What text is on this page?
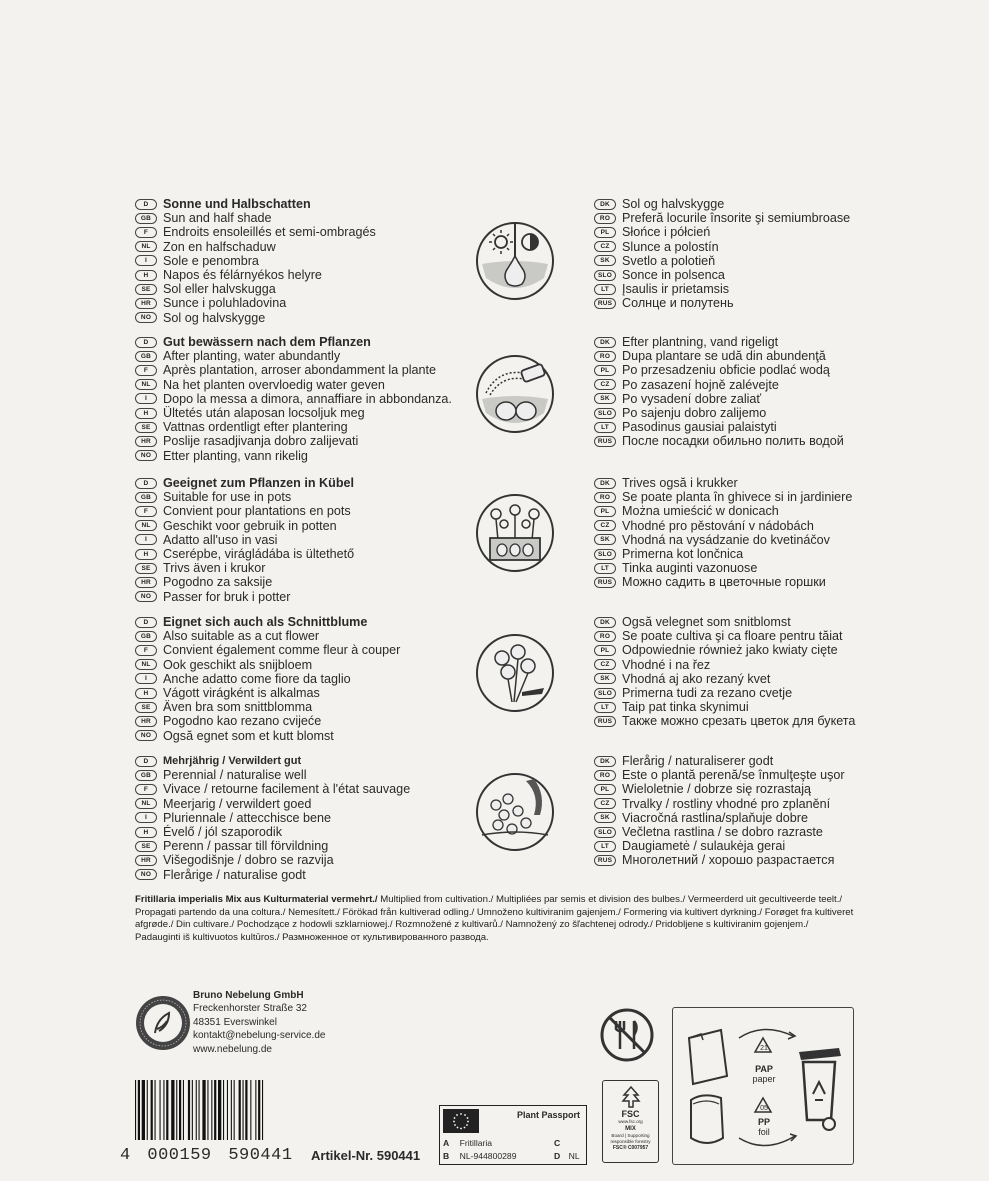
D	Sonne und Halbschatten
GB Sun and half shade
F	Endroits ensoleillés et semi-ombragés
NL Zon en halfschaduw
I	Sole e penombra
H	Napos és félárnyékos helyre
SE Sol eller halvskugga
HR Sunce i poluhladovina
NO Sol og halvskygge
DK Sol og halvskygge
RO Preferă locurile însorite şi semiumbroase
PL	Słońce i półcień
CZ Slunce a polostín
SK Svetlo a polotieň
SLO Sonce in polsenca
LT	Įsaulis ir prietamsis
RUS Солнце и полутень
D	Gut bewässern nach dem Pflanzen
GB After planting, water abundantly
F	Après plantation, arroser abondamment la plante
NL Na het planten overvloedig water geven
I	Dopo la messa a dimora, annaffiare in abbondanza.
H	Ültetés után alaposan locsoljuk meg
SE Vattnas ordentligt efter plantering
HR Poslije rasadjivanja dobro zalijevati
NO Etter planting, vann rikelig
DK Efter plantning, vand rigeligt
RO Dupa plantare se udă din abundenţă
PL	Po przesadzeniu obficie podlać wodą
CZ Po zasazení hojně zalévejte
SK Po vysadení dobre zaliať
SLO Po sajenju dobro zalijemo
LT	Pasodinus gausiai palaistyti
RUS После посадки обильно полить водой
D	Geeignet zum Pflanzen in Kübel
GB Suitable for use in pots
F	Convient pour plantations en pots
NL Geschikt voor gebruik in potten
I	Adatto all'uso in vasi
H	Cserépbe, virágládába is ültethető
SE Trivs även i krukor
HR Pogodno za saksije
NO Passer for bruk i potter
DK Trives ogsă i krukker
RO Se poate planta în ghivece si in jardiniere
PL	Można umieścić w donicach
CZ Vhodné pro pěstování v nádobách
SK Vhodná na vysádzanie do kvetináčov
SLO Primerna kot lončnica
LT	Tinka auginti vazonuose
RUS Можно садить в цветочные горшки
D	Eignet sich auch als Schnittblume
GB Also suitable as a cut flower
F	Convient également comme fleur à couper
NL Ook geschikt als snijbloem
I	Anche adatto come fiore da taglio
H	Vágott virágként is alkalmas
SE Även bra som snittblomma
HR Pogodno kao rezano cvijeće
NO Ogsă egnet som et kutt blomst
DK Ogsă velegnet som snitblomst
RO Se poate cultiva şi ca floare pentru tăiat
PL	Odpowiednie również jako kwiaty cięte
CZ Vhodné i na řez
SK Vhodná aj ako rezaný kvet
SLO Primerna tudi za rezano cvetje
LT	Taip pat tinka skynimui
RUS Также можно срезать цветок для букета
D	Mehrjährig / Verwildert gut
GB Perennial / naturalise well
F	Vivace / retourne facilement à l'état sauvage
NL Meerjarig / verwildert goed
I	Pluriennale / attecchisce bene
H	Évelő / jól szaporodik
SE Perenn / passar till förvildning
HR Višegodišnje / dobro se razvija
NO Flerårige / naturalise godt
DK Flerårig / naturaliserer godt
RO Este o plantă perenă/se înmulţeşte uşor
PL	Wieloletnie / dobrze się rozrastają
CZ Trvalky / rostliny vhodné pro zplanění
SK Viacročná rastlina/splaňuje dobre
SLO Večletna rastlina / se dobro razraste
LT	Daugiametė / sulaukėja gerai
RUS Многолетний / хорошо разрастается
Fritillaria imperialis Mix aus Kulturmaterial vermehrt./ Multiplied from cultivation./ Multipliées par semis et division des bulbes./ Vermeerderd uit gecultiveerde teelt./ Propagati partendo da una coltura./ Nemesített./ Förökad från kultiverad odling./ Umnoženo kultiviranim gajenjem./ Formering via kultivert dyrkning./ Forøget fra kultiveret afgrøde./ Din cultivare./ Pochodzące z hodowli szklarniowej./ Rozmnožené z kultivarů./ Namnožený zo šľachtenej odrody./ Pridobljene s kultiviranim gojenjem./ Padauginti iš kultivuotos kultūros./ Размноженное от культивированного развода.
Bruno Nebelung GmbH
Freckenhorster Straße 32
48351 Everswinkel
kontakt@nebelung-service.de
www.nebelung.de
4 000159 590441 Artikel-Nr. 590441
Plant Passport
A Fritillaria
B NL-944800289
C
D NL
FSC
www.fsc.org
MIX
Board | Supporting
responsible forestry
FSC® C007957
21
PAP
paper
05
PP
foil
